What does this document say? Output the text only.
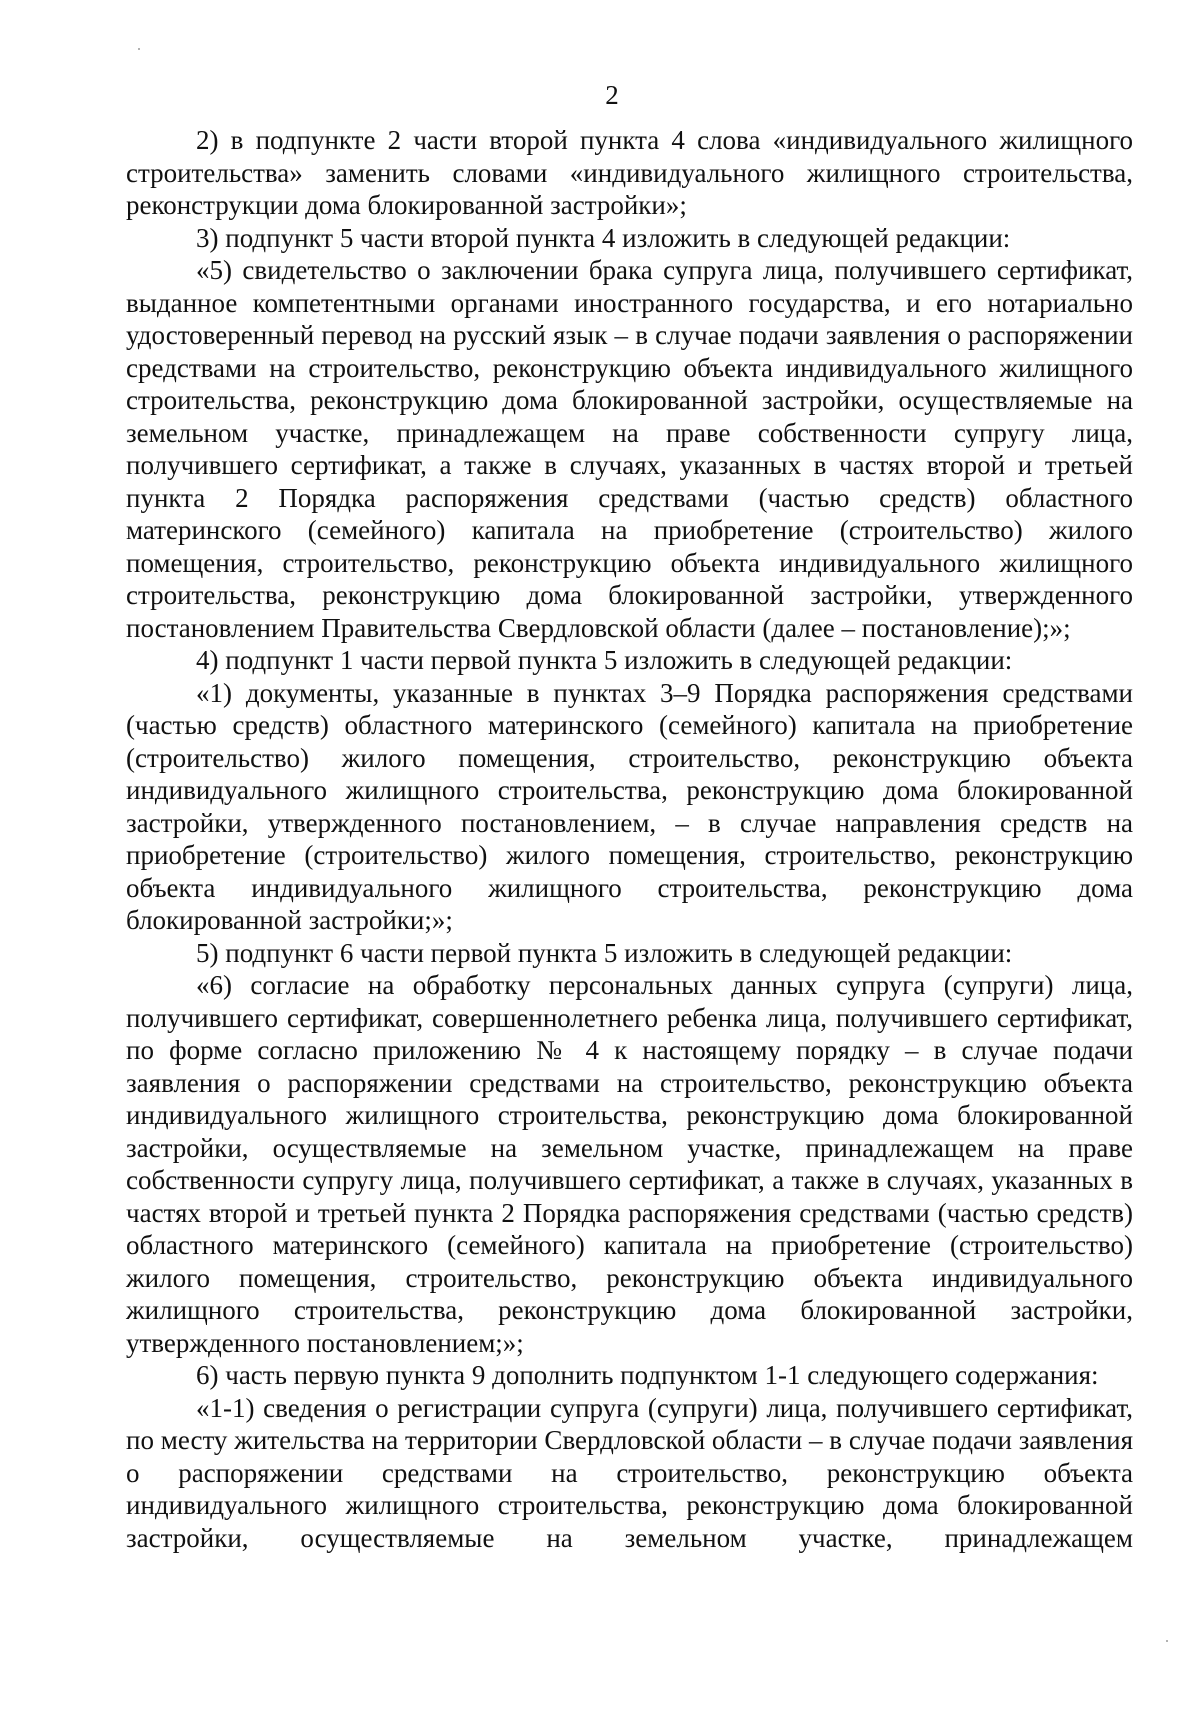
2

2) в подпункте 2 части второй пункта 4 слова «индивидуального жилищного строительства» заменить словами «индивидуального жилищного строительства, реконструкции дома блокированной застройки»;

3) подпункт 5 части второй пункта 4 изложить в следующей редакции:

«5) свидетельство о заключении брака супруга лица, получившего сертификат, выданное компетентными органами иностранного государства, и его нотариально удостоверенный перевод на русский язык – в случае подачи заявления о распоряжении средствами на строительство, реконструкцию объекта индивидуального жилищного строительства, реконструкцию дома блокированной застройки, осуществляемые на земельном участке, принадлежащем на праве собственности супругу лица, получившего сертификат, а также в случаях, указанных в частях второй и третьей пункта 2 Порядка распоряжения средствами (частью средств) областного материнского (семейного) капитала на приобретение (строительство) жилого помещения, строительство, реконструкцию объекта индивидуального жилищного строительства, реконструкцию дома блокированной застройки, утвержденного постановлением Правительства Свердловской области (далее – постановление);»;

4) подпункт 1 части первой пункта 5 изложить в следующей редакции:

«1) документы, указанные в пунктах 3–9 Порядка распоряжения средствами (частью средств) областного материнского (семейного) капитала на приобретение (строительство) жилого помещения, строительство, реконструкцию объекта индивидуального жилищного строительства, реконструкцию дома блокированной застройки, утвержденного постановлением, – в случае направления средств на приобретение (строительство) жилого помещения, строительство, реконструкцию объекта индивидуального жилищного строительства, реконструкцию дома блокированной застройки;»;

5) подпункт 6 части первой пункта 5 изложить в следующей редакции:

«6) согласие на обработку персональных данных супруга (супруги) лица, получившего сертификат, совершеннолетнего ребенка лица, получившего сертификат, по форме согласно приложению № 4 к настоящему порядку – в случае подачи заявления о распоряжении средствами на строительство, реконструкцию объекта индивидуального жилищного строительства, реконструкцию дома блокированной застройки, осуществляемые на земельном участке, принадлежащем на праве собственности супругу лица, получившего сертификат, а также в случаях, указанных в частях второй и третьей пункта 2 Порядка распоряжения средствами (частью средств) областного материнского (семейного) капитала на приобретение (строительство) жилого помещения, строительство, реконструкцию объекта индивидуального жилищного строительства, реконструкцию дома блокированной застройки, утвержденного постановлением;»;

6) часть первую пункта 9 дополнить подпунктом 1-1 следующего содержания:

«1-1) сведения о регистрации супруга (супруги) лица, получившего сертификат, по месту жительства на территории Свердловской области – в случае подачи заявления о распоряжении средствами на строительство, реконструкцию объекта индивидуального жилищного строительства, реконструкцию дома блокированной застройки, осуществляемые на земельном участке, принадлежащем
